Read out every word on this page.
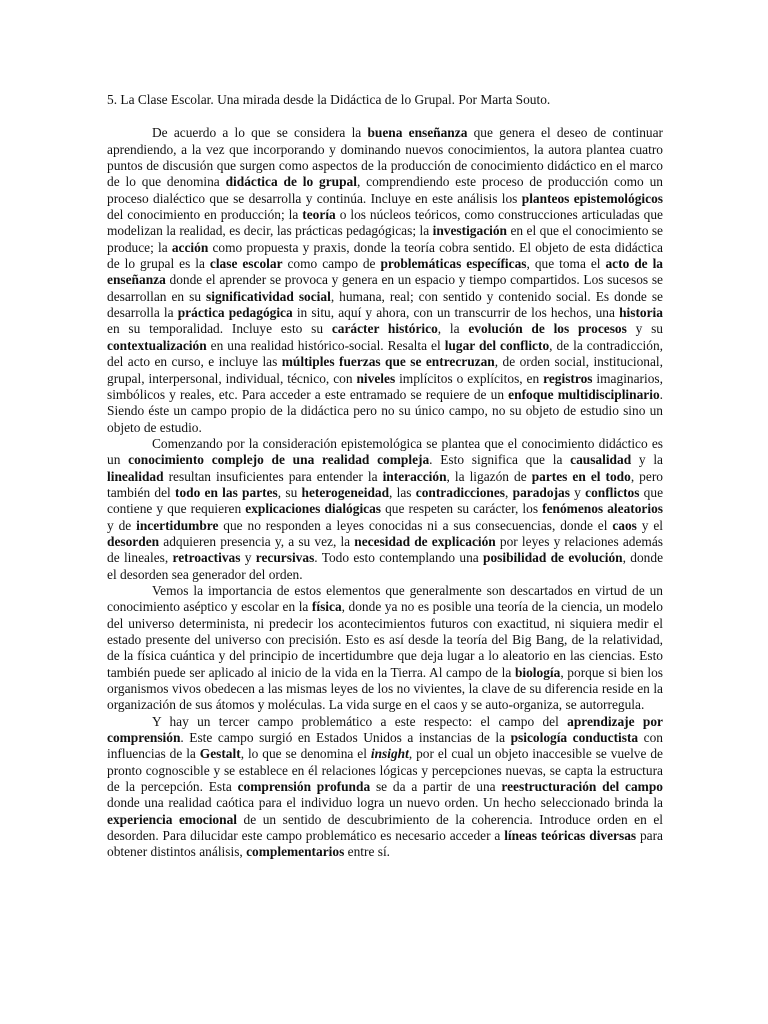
5. La Clase Escolar. Una mirada desde la Didáctica de lo Grupal. Por Marta Souto.

De acuerdo a lo que se considera la buena enseñanza que genera el deseo de continuar aprendiendo, a la vez que incorporando y dominando nuevos conocimientos, la autora plantea cuatro puntos de discusión que surgen como aspectos de la producción de conocimiento didáctico en el marco de lo que denomina didáctica de lo grupal, comprendiendo este proceso de producción como un proceso dialéctico que se desarrolla y continúa. Incluye en este análisis los planteos epistemológicos del conocimiento en producción; la teoría o los núcleos teóricos, como construcciones articuladas que modelizan la realidad, es decir, las prácticas pedagógicas; la investigación en el que el conocimiento se produce; la acción como propuesta y praxis, donde la teoría cobra sentido. El objeto de esta didáctica de lo grupal es la clase escolar como campo de problemáticas específicas, que toma el acto de la enseñanza donde el aprender se provoca y genera en un espacio y tiempo compartidos. Los sucesos se desarrollan en su significatividad social, humana, real; con sentido y contenido social. Es donde se desarrolla la práctica pedagógica in situ, aquí y ahora, con un transcurrir de los hechos, una historia en su temporalidad. Incluye esto su carácter histórico, la evolución de los procesos y su contextualización en una realidad histórico-social. Resalta el lugar del conflicto, de la contradicción, del acto en curso, e incluye las múltiples fuerzas que se entrecruzan, de orden social, institucional, grupal, interpersonal, individual, técnico, con niveles implícitos o explícitos, en registros imaginarios, simbólicos y reales, etc. Para acceder a este entramado se requiere de un enfoque multidisciplinario. Siendo éste un campo propio de la didáctica pero no su único campo, no su objeto de estudio sino un objeto de estudio.

Comenzando por la consideración epistemológica se plantea que el conocimiento didáctico es un conocimiento complejo de una realidad compleja. Esto significa que la causalidad y la linealidad resultan insuficientes para entender la interacción, la ligazón de partes en el todo, pero también del todo en las partes, su heterogeneidad, las contradicciones, paradojas y conflictos que contiene y que requieren explicaciones dialógicas que respeten su carácter, los fenómenos aleatorios y de incertidumbre que no responden a leyes conocidas ni a sus consecuencias, donde el caos y el desorden adquieren presencia y, a su vez, la necesidad de explicación por leyes y relaciones además de lineales, retroactivas y recursivas. Todo esto contemplando una posibilidad de evolución, donde el desorden sea generador del orden.

Vemos la importancia de estos elementos que generalmente son descartados en virtud de un conocimiento aséptico y escolar en la física, donde ya no es posible una teoría de la ciencia, un modelo del universo determinista, ni predecir los acontecimientos futuros con exactitud, ni siquiera medir el estado presente del universo con precisión. Esto es así desde la teoría del Big Bang, de la relatividad, de la física cuántica y del principio de incertidumbre que deja lugar a lo aleatorio en las ciencias. Esto también puede ser aplicado al inicio de la vida en la Tierra. Al campo de la biología, porque si bien los organismos vivos obedecen a las mismas leyes de los no vivientes, la clave de su diferencia reside en la organización de sus átomos y moléculas. La vida surge en el caos y se auto-organiza, se autorregula.

Y hay un tercer campo problemático a este respecto: el campo del aprendizaje por comprensión. Este campo surgió en Estados Unidos a instancias de la psicología conductista con influencias de la Gestalt, lo que se denomina el insight, por el cual un objeto inaccesible se vuelve de pronto cognoscible y se establece en él relaciones lógicas y percepciones nuevas, se capta la estructura de la percepción. Esta comprensión profunda se da a partir de una reestructuración del campo donde una realidad caótica para el individuo logra un nuevo orden. Un hecho seleccionado brinda la experiencia emocional de un sentido de descubrimiento de la coherencia. Introduce orden en el desorden. Para dilucidar este campo problemático es necesario acceder a líneas teóricas diversas para obtener distintos análisis, complementarios entre sí.
